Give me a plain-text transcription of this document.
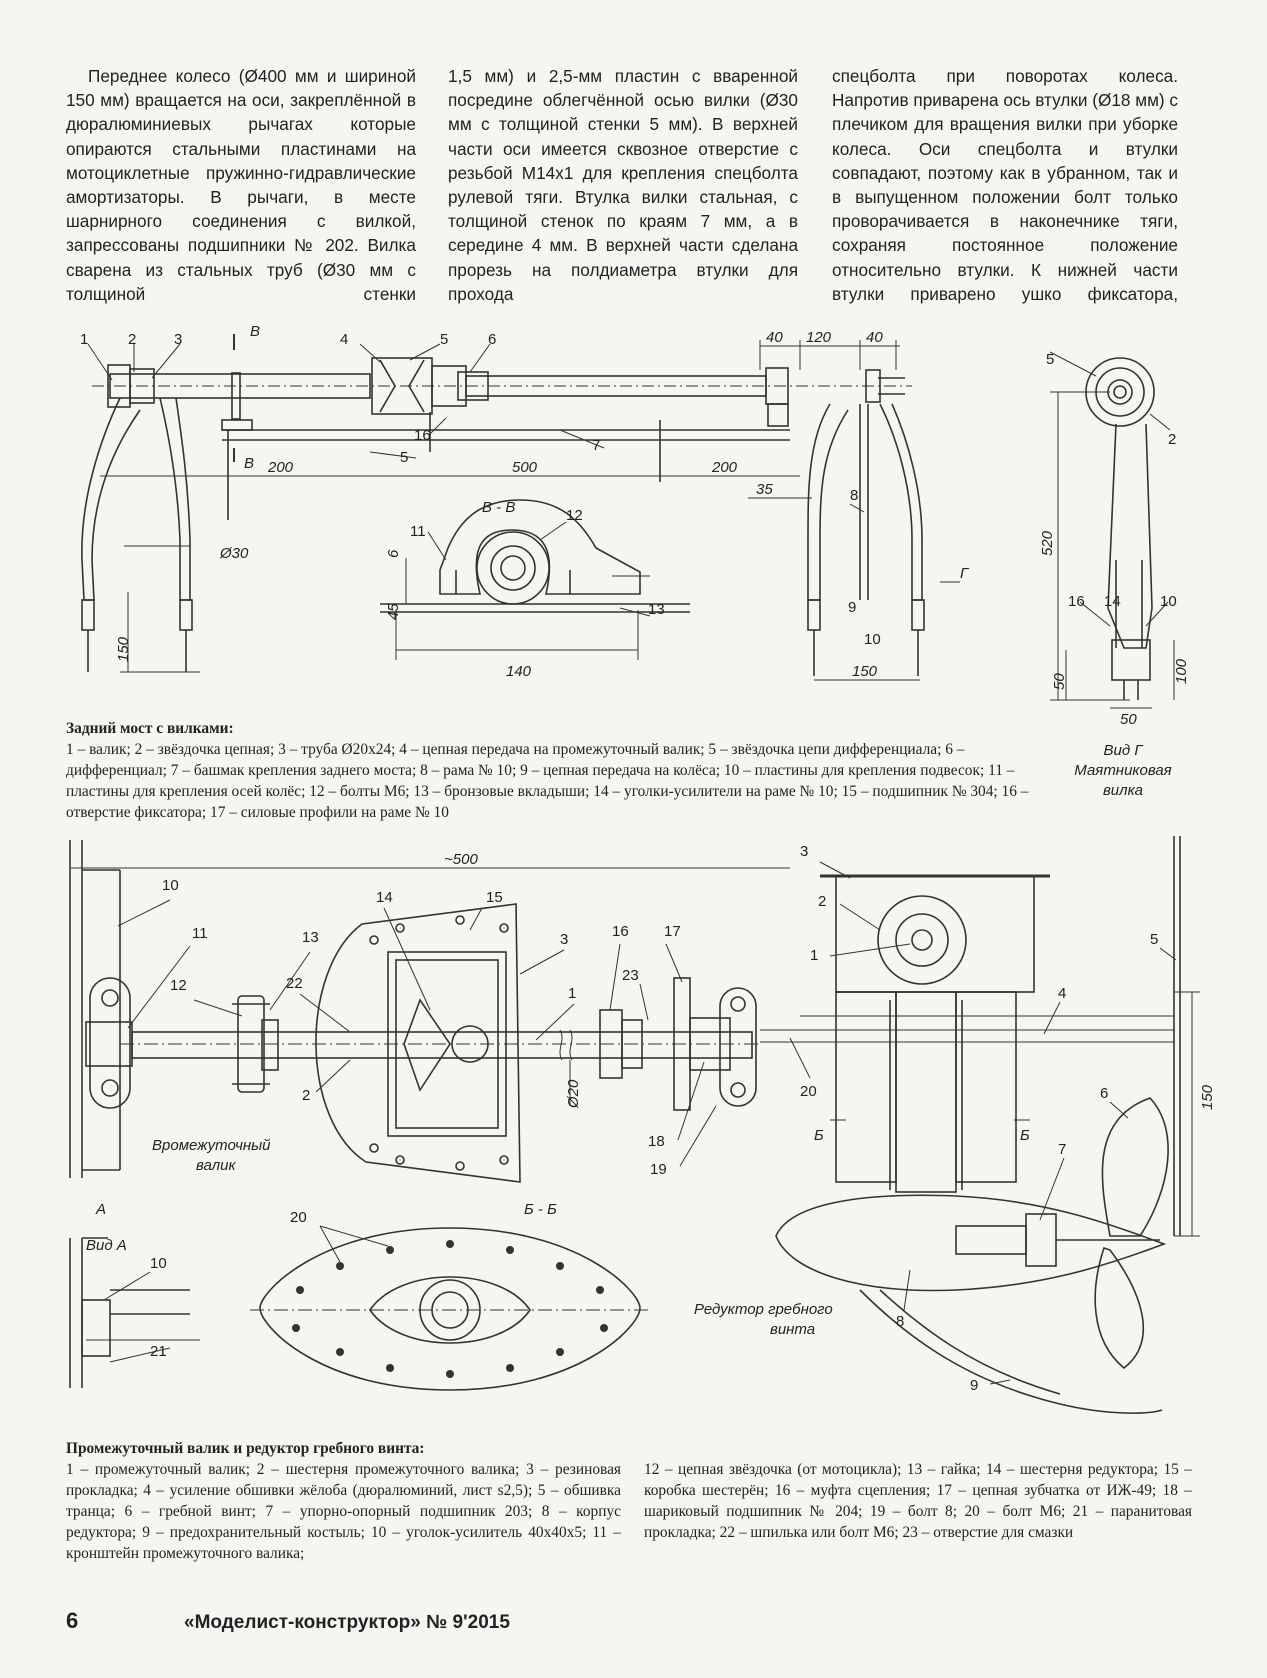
Переднее колесо (Ø400 мм и шириной 150 мм) вращается на оси, закреплённой в дюралюминиевых рычагах которые опираются стальными пластинами на мотоциклетные пружинно-гидравлические амортизаторы. В рычаги, в месте шарнирного соединения с вилкой, запрессованы подшипники № 202. Вилка сварена из стальных труб (Ø30 мм с толщиной стенки

1,5 мм) и 2,5-мм пластин с вваренной посредине облегчённой осью вилки (Ø30 мм с толщиной стенки 5 мм). В верхней части оси имеется сквозное отверстие с резьбой М14х1 для крепления спецболта рулевой тяги. Втулка вилки стальная, с толщиной стенок по краям 7 мм, а в середине 4 мм. В верхней части сделана прорезь на полдиаметра втулки для прохода

спецболта при поворотах колеса. Напротив приварена ось втулки (Ø18 мм) с плечиком для вращения вилки при уборке колеса. Оси спецболта и втулки совпадают, поэтому как в убранном, так и в выпущенном положении болт только проворачивается в наконечнике тяги, сохраняя постоянное положение относительно втулки. К нижней части втулки приварено ушко фиксатора,

1	2	3	4	5	6
7
8
9
10
11
12
13	14
16
5
40 120 40
200	500	200
35
Ø30
150
6
45
140	150
520
50	100
50
В
В
Г
В - В
5
2
16	10
10
11
12
13
22
14	15
3	16 17
1
23
2
18
19
20
10
21
3
2
1
4
5
20	6
7
8
9
~500
Ø20	150
Вромежуточный
валик
Вид А
Б - Б
Редуктор гребного
винта
А
Б	Б
Задний мост с вилками:
1 – валик; 2 – звёздочка цепная; 3 – труба Ø20x24; 4 – цепная передача на промежуточный валик; 5 – звёздочка цепи дифференциала; 6 – дифференциал; 7 – башмак крепления заднего моста; 8 – рама № 10; 9 – цепная передача на колёса; 10 – пластины для крепления подвесок; 11 – пластины для крепления осей колёс; 12 – болты М6; 13 – бронзовые вкладыши; 14 – уголки-усилители на раме № 10; 15 – подшипник № 304; 16 – отверстие фиксатора; 17 – силовые профили на раме № 10
Вид Г
Маятниковая вилка
Промежуточный валик и редуктор гребного винта:
1 – промежуточный валик; 2 – шестерня промежуточного валика; 3 – резиновая прокладка; 4 – усиление обшивки жёлоба (дюралюминий, лист s2,5); 5 – обшивка транца; 6 – гребной винт; 7 – упорно-опорный подшипник 203; 8 – корпус редуктора; 9 – предохранительный костыль; 10 – уголок-усилитель 40x40x5; 11 – кронштейн промежуточного валика;
12 – цепная звёздочка (от мотоцикла); 13 – гайка; 14 – шестерня редуктора; 15 – коробка шестерён; 16 – муфта сцепления; 17 – цепная зубчатка от ИЖ-49; 18 – шариковый подшипник № 204; 19 – болт 8; 20 – болт М6; 21 – паранитовая прокладка; 22 – шпилька или болт М6; 23 – отверстие для смазки
6	«Моделист-конструктор» № 9'2015
